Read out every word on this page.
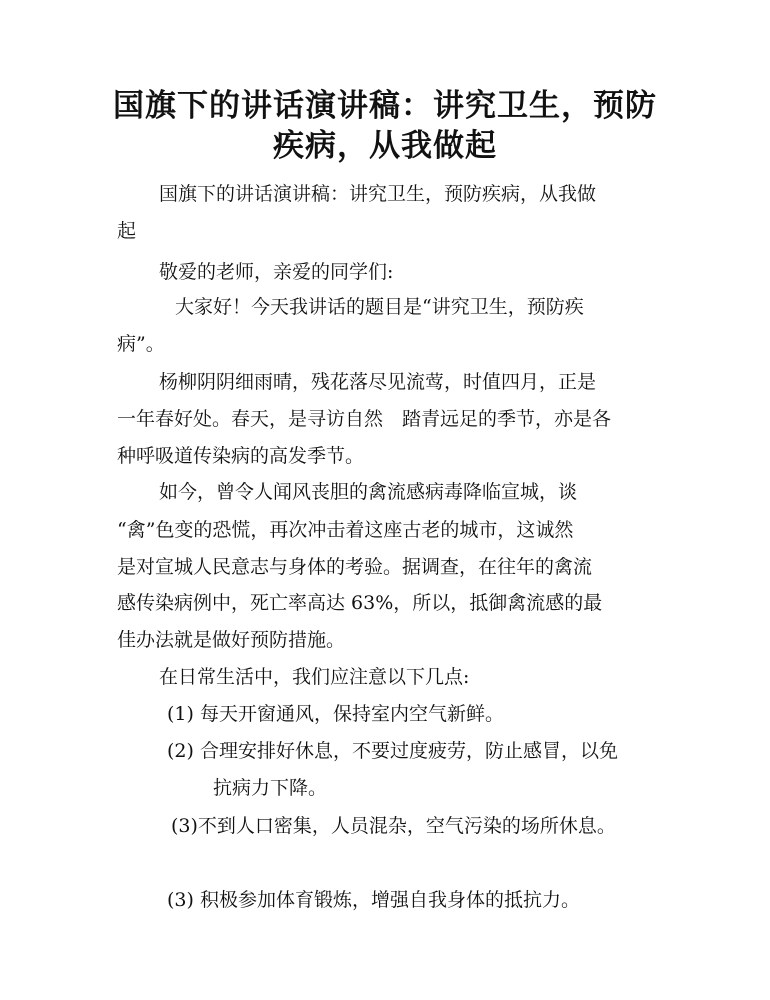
国旗下的讲话演讲稿：讲究卫生，预防
疾病，从我做起
国旗下的讲话演讲稿：讲究卫生，预防疾病，从我做
起
敬爱的老师，亲爱的同学们:
大家好！今天我讲话的题目是“讲究卫生，预防疾
病”。
杨柳阴阴细雨晴，残花落尽见流莺，时值四月，正是
一年春好处。春天，是寻访自然　踏青远足的季节，亦是各
种呼吸道传染病的高发季节。
如今，曾令人闻风丧胆的禽流感病毒降临宣城，谈
“禽”色变的恐慌，再次冲击着这座古老的城市，这诚然
是对宣城人民意志与身体的考验。据调查，在往年的禽流
感传染病例中，死亡率高达 63%，所以，抵御禽流感的最
佳办法就是做好预防措施。
在日常生活中，我们应注意以下几点:
(1) 每天开窗通风，保持室内空气新鲜。
(2) 合理安排好休息，不要过度疲劳，防止感冒，以免
抗病力下降。
(3)不到人口密集，人员混杂，空气污染的场所休息。
(3) 积极参加体育锻炼，增强自我身体的抵抗力。
